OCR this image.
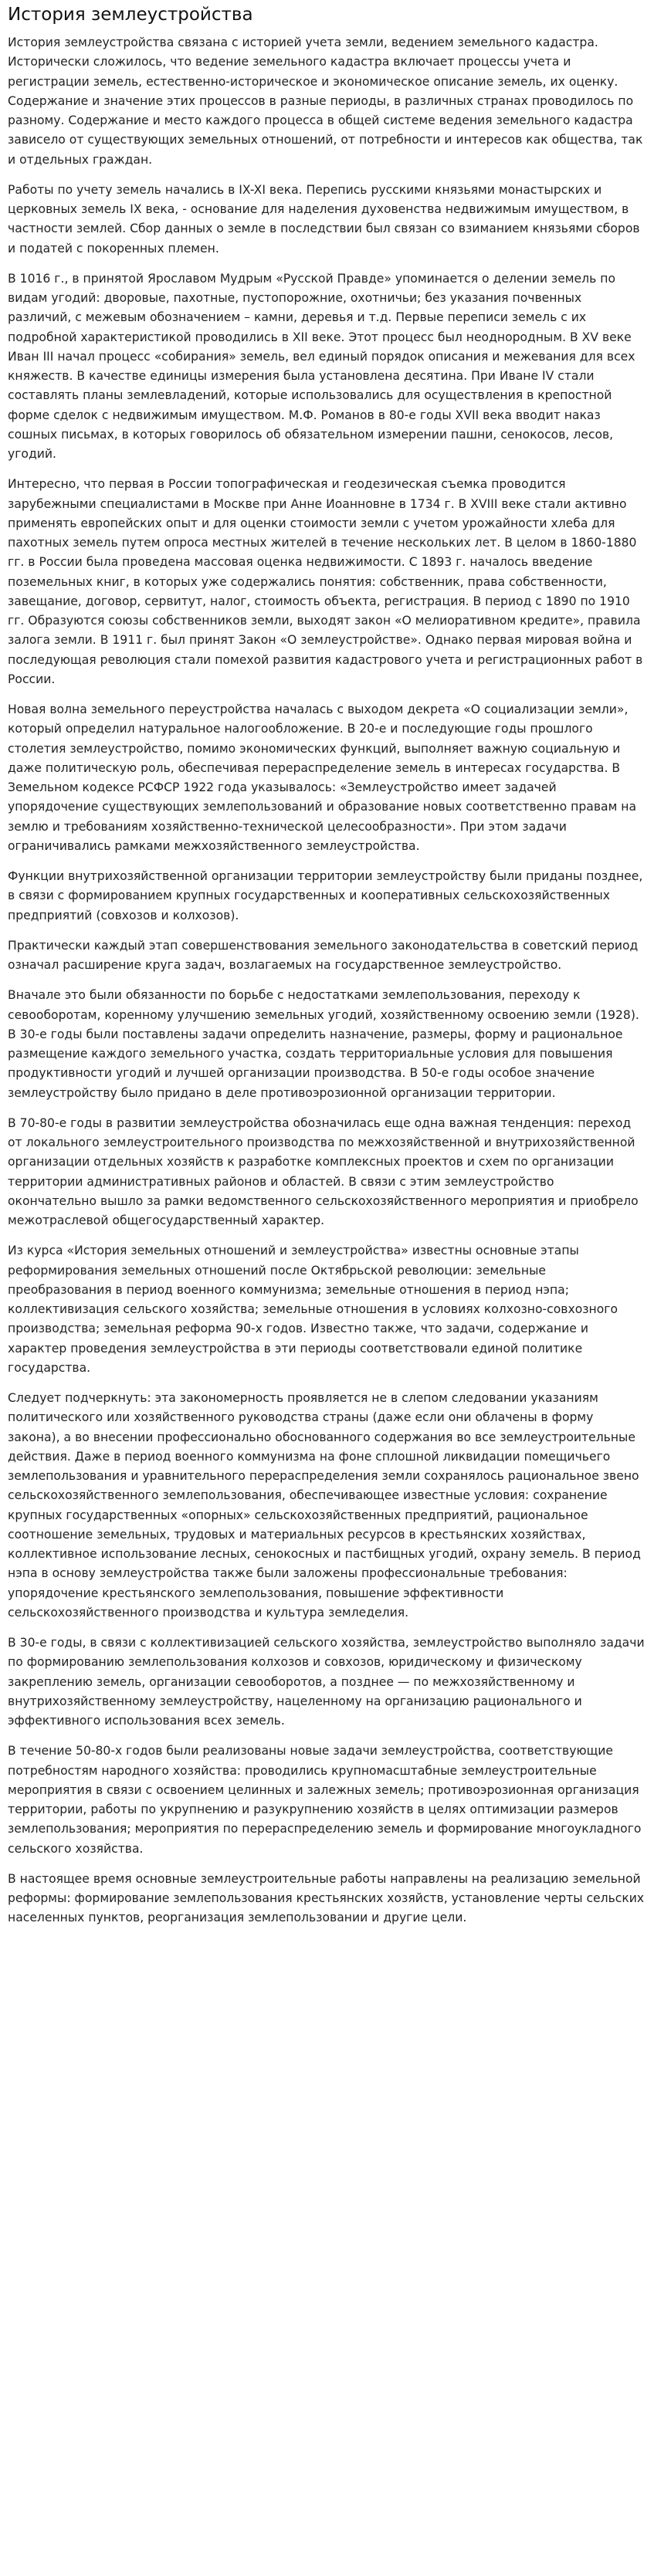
История землеустройства

История землеустройства связана с историей учета земли, ведением земельного кадастра. Исторически сложилось, что ведение земельного кадастра включает процессы учета и регистрации земель, естественно-историческое и экономическое описание земель, их оценку. Содержание и значение этих процессов в разные периоды, в различных странах проводилось по разному. Содержание и место каждого процесса в общей системе ведения земельного кадастра зависело от существующих земельных отношений, от потребности и интересов как общества, так и отдельных граждан.

Работы по учету земель начались в IX-XI века. Перепись русскими князьями монастырских и церковных земель IX века, - основание для наделения духовенства недвижимым имуществом, в частности землей. Сбор данных о земле в последствии был связан со взиманием князьями сборов и податей с покоренных племен.

В 1016 г., в принятой Ярославом Мудрым «Русской Правде» упоминается о делении земель по видам угодий: дворовые, пахотные, пустопорожние, охотничьи; без указания почвенных различий, с межевым обозначением – камни, деревья и т.д. Первые переписи земель с их подробной характеристикой проводились в XII веке. Этот процесс был неоднородным. В XV веке Иван III начал процесс «собирания» земель, вел единый порядок описания и межевания для всех княжеств. В качестве единицы измерения была установлена десятина. При Иване IV стали составлять планы землевладений, которые использовались для осуществления в крепостной форме сделок с недвижимым имуществом. М.Ф. Романов в 80-е годы XVII века вводит наказ сошных письмах, в которых говорилось об обязательном измерении пашни, сенокосов, лесов, угодий.

Интересно, что первая в России топографическая и геодезическая съемка проводится зарубежными специалистами в Москве при Анне Иоанновне в 1734 г. В XVIII веке стали активно применять европейских опыт и для оценки стоимости земли с учетом урожайности хлеба для пахотных земель путем опроса местных жителей в течение нескольких лет. В целом в 1860-1880 гг. в России была проведена массовая оценка недвижимости. С 1893 г. началось введение поземельных книг, в которых уже содержались понятия: собственник, права собственности, завещание, договор, сервитут, налог, стоимость объекта, регистрация. В период с 1890 по 1910 гг. Образуются союзы собственников земли, выходят закон «О мелиоративном кредите», правила залога земли. В 1911 г. был принят Закон «О землеустройстве». Однако первая мировая война и последующая революция стали помехой развития кадастрового учета и регистрационных работ в России.

Новая волна земельного переустройства началась с выходом декрета «О социализации земли», который определил натуральное налогообложение. В 20-е и последующие годы прошлого столетия землеустройство, помимо экономических функций, выполняет важную социальную и даже политическую роль, обеспечивая перераспределение земель в интересах государства. В Земельном кодексе РСФСР 1922 года указывалось: «Землеустройство имеет задачей упорядочение существующих землепользований и образование новых соответственно правам на землю и требованиям хозяйственно-технической целесообразности». При этом задачи ограничивались рамками межхозяйственного землеустройства.

Функции внутрихозяйственной организации территории землеустройству были приданы позднее, в связи с формированием крупных государственных и кооперативных сельскохозяйственных предприятий (совхозов и колхозов).

Практически каждый этап совершенствования земельного законодательства в советский период означал расширение круга задач, возлагаемых на государственное землеустройство.

Вначале это были обязанности по борьбе с недостатками землепользования, переходу к севооборотам, коренному улучшению земельных угодий, хозяйственному освоению земли (1928). В 30-е годы были поставлены задачи определить назначение, размеры, форму и рациональное размещение каждого земельного участка, создать территориальные условия для повышения продуктивности угодий и лучшей организации производства. В 50-е годы особое значение землеустройству было придано в деле противоэрозионной организации территории.

В 70-80-е годы в развитии землеустройства обозначилась еще одна важная тенденция: переход от локального землеустроительного производства по межхозяйственной и внутрихозяйственной организации отдельных хозяйств к разработке комплексных проектов и схем по организации территории административных районов и областей. В связи с этим землеустройство окончательно вышло за рамки ведомственного сельскохозяйственного мероприятия и приобрело межотраслевой общегосударственный характер.

Из курса «История земельных отношений и землеустройства» известны основные этапы реформирования земельных отношений после Октябрьской революции: земельные преобразования в период военного коммунизма; земельные отношения в период нэпа; коллективизация сельского хозяйства; земельные отношения в условиях колхозно-совхозного производства; земельная реформа 90-х годов. Известно также, что задачи, содержание и характер проведения землеустройства в эти периоды соответствовали единой политике государства.

Следует подчеркнуть: эта закономерность проявляется не в слепом следовании указаниям политического или хозяйственного руководства страны (даже если они облачены в форму закона), а во внесении профессионально обоснованного содержания во все землеустроительные действия. Даже в период военного коммунизма на фоне сплошной ликвидации помещичьего землепользования и уравнительного перераспределения земли сохранялось рациональное звено сельскохозяйственного землепользования, обеспечивающее известные условия: сохранение крупных государственных «опорных» сельскохозяйственных предприятий, рациональное соотношение земельных, трудовых и материальных ресурсов в крестьянских хозяйствах, коллективное использование лесных, сенокосных и пастбищных угодий, охрану земель. В период нэпа в основу землеустройства также были заложены профессиональные требования: упорядочение крестьянского землепользования, повышение эффективности сельскохозяйственного производства и культура земледелия.

В 30-е годы, в связи с коллективизацией сельского хозяйства, землеустройство выполняло задачи по формированию землепользования колхозов и совхозов, юридическому и физическому закреплению земель, организации севооборотов, а позднее — по межхозяйственному и внутрихозяйственному землеустройству, нацеленному на организацию рационального и эффективного использования всех земель.

В течение 50-80-х годов были реализованы новые задачи землеустройства, соответствующие потребностям народного хозяйства: проводились крупномасштабные землеустроительные мероприятия в связи с освоением целинных и залежных земель; противоэрозионная организация территории, работы по укрупнению и разукрупнению хозяйств в целях оптимизации размеров землепользования; мероприятия по перераспределению земель и формирование многоукладного сельского хозяйства.

В настоящее время основные землеустроительные работы направлены на реализацию земельной реформы: формирование землепользования крестьянских хозяйств, установление черты сельских населенных пунктов, реорганизация землепользовании и другие цели.
